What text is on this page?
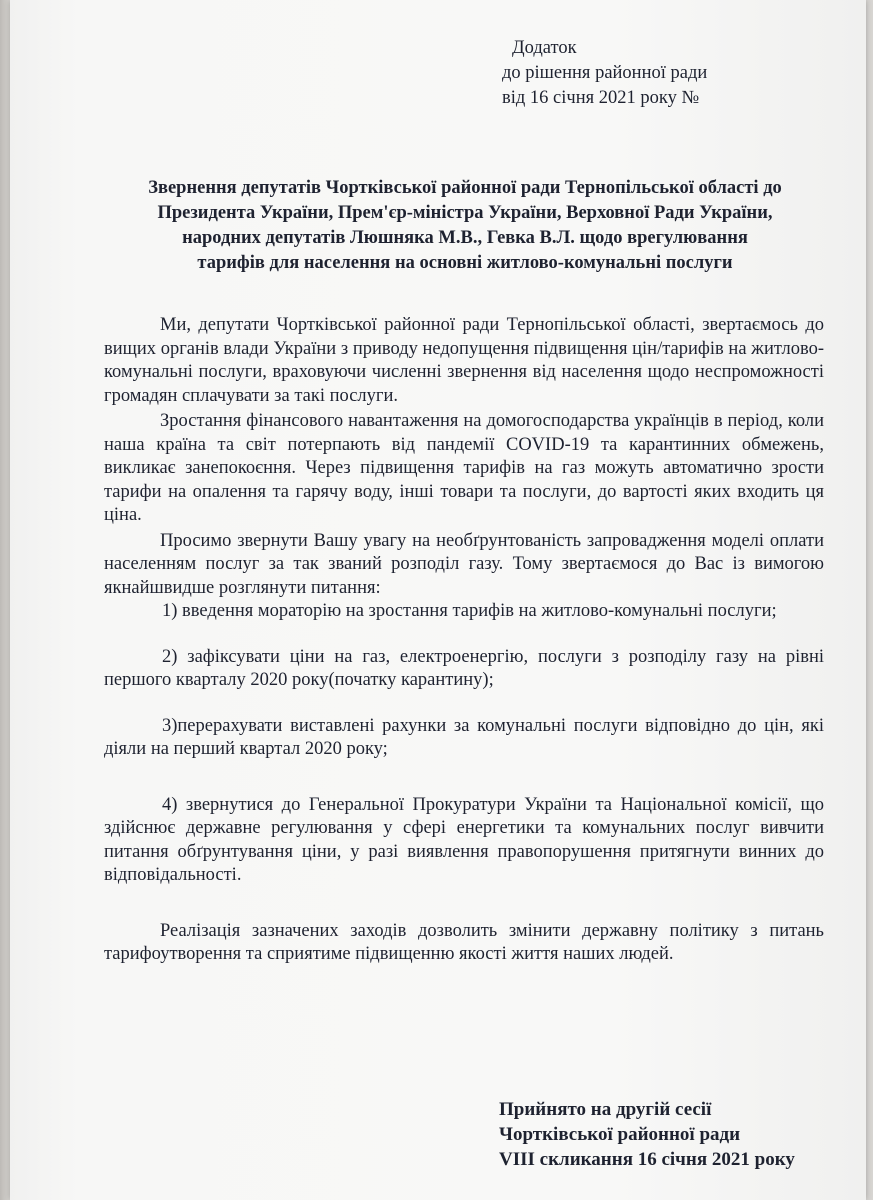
Додаток
до рішення районної ради
від 16 січня 2021 року №
Звернення депутатів Чортківської районної ради Тернопільської області до
Президента України, Прем'єр-міністра України, Верховної Ради України,
народних депутатів Люшняка М.В., Гевка В.Л. щодо врегулювання
тарифів для населення на основні житлово-комунальні послуги

Ми, депутати Чортківської районної ради Тернопільської області, звертаємось до вищих органів влади України з приводу недопущення підвищення цін/тарифів на житлово-комунальні послуги, враховуючи численні звернення від населення щодо неспроможності громадян сплачувати за такі послуги.

Зростання фінансового навантаження на домогосподарства українців в період, коли наша країна та світ потерпають від пандемії COVID-19 та карантинних обмежень, викликає занепокоєння. Через підвищення тарифів на газ можуть автоматично зрости тарифи на опалення та гарячу воду, інші товари та послуги, до вартості яких входить ця ціна.

Просимо звернути Вашу увагу на необґрунтованість запровадження моделі оплати населенням послуг за так званий розподіл газу. Тому звертаємося до Вас із вимогою якнайшвидше розглянути питання:

1) введення мораторію на зростання тарифів на житлово-комунальні послуги;

2) зафіксувати ціни на газ, електроенергію, послуги з розподілу газу на рівні першого кварталу 2020 року(початку карантину);

3)перерахувати виставлені рахунки за комунальні послуги відповідно до цін, які діяли на перший квартал 2020 року;

4) звернутися до Генеральної Прокуратури України та Національної комісії, що здійснює державне регулювання у сфері енергетики та комунальних послуг вивчити питання обґрунтування ціни, у разі виявлення правопорушення притягнути винних до відповідальності.

Реалізація зазначених заходів дозволить змінити державну політику з питань тарифоутворення та сприятиме підвищенню якості життя наших людей.

Прийнято на другій сесії
Чортківської районної ради
VIII скликання 16 січня 2021 року
